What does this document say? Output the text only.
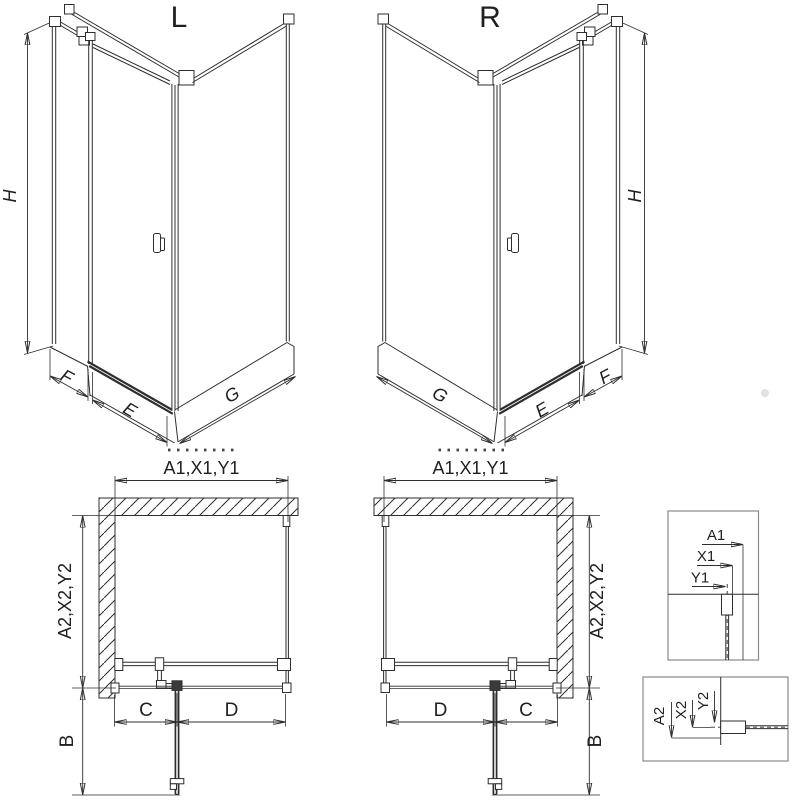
L	R
H
F
E
G
H
F
E
G
A1,X1,Y1
A2,X2,Y2
B
C	D
A1,X1,Y1
A2,X2,Y2
B
D	C
A1
X1
Y1
A2 X2 Y2
